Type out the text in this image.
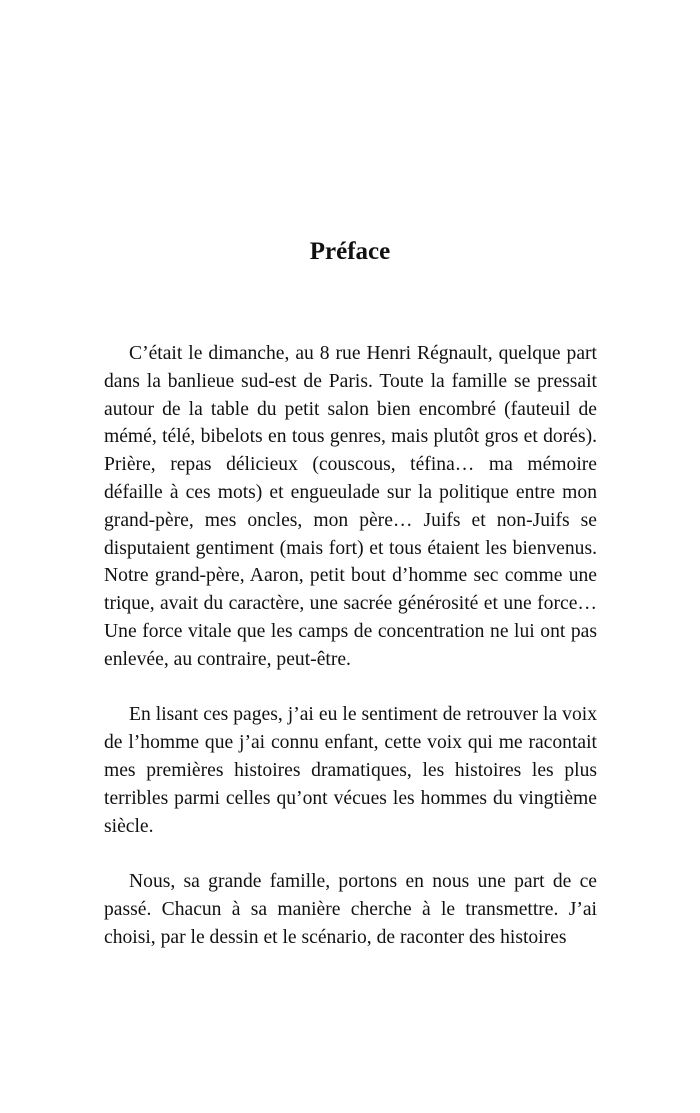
Préface

C’était le dimanche, au 8 rue Henri Régnault, quelque part dans la banlieue sud-est de Paris. Toute la famille se pressait autour de la table du petit salon bien encombré (fauteuil de mémé, télé, bibelots en tous genres, mais plutôt gros et dorés). Prière, repas délicieux (couscous, téfina… ma mémoire défaille à ces mots) et engueulade sur la politique entre mon grand-père, mes oncles, mon père… Juifs et non-Juifs se disputaient gentiment (mais fort) et tous étaient les bienvenus. Notre grand-père, Aaron, petit bout d’homme sec comme une trique, avait du caractère, une sacrée générosité et une force… Une force vitale que les camps de concentration ne lui ont pas enlevée, au contraire, peut-être.

En lisant ces pages, j’ai eu le sentiment de retrouver la voix de l’homme que j’ai connu enfant, cette voix qui me racontait mes premières histoires dramatiques, les histoires les plus terribles parmi celles qu’ont vécues les hommes du vingtième siècle.

Nous, sa grande famille, portons en nous une part de ce passé. Chacun à sa manière cherche à le transmettre. J’ai choisi, par le dessin et le scénario, de raconter des histoires
